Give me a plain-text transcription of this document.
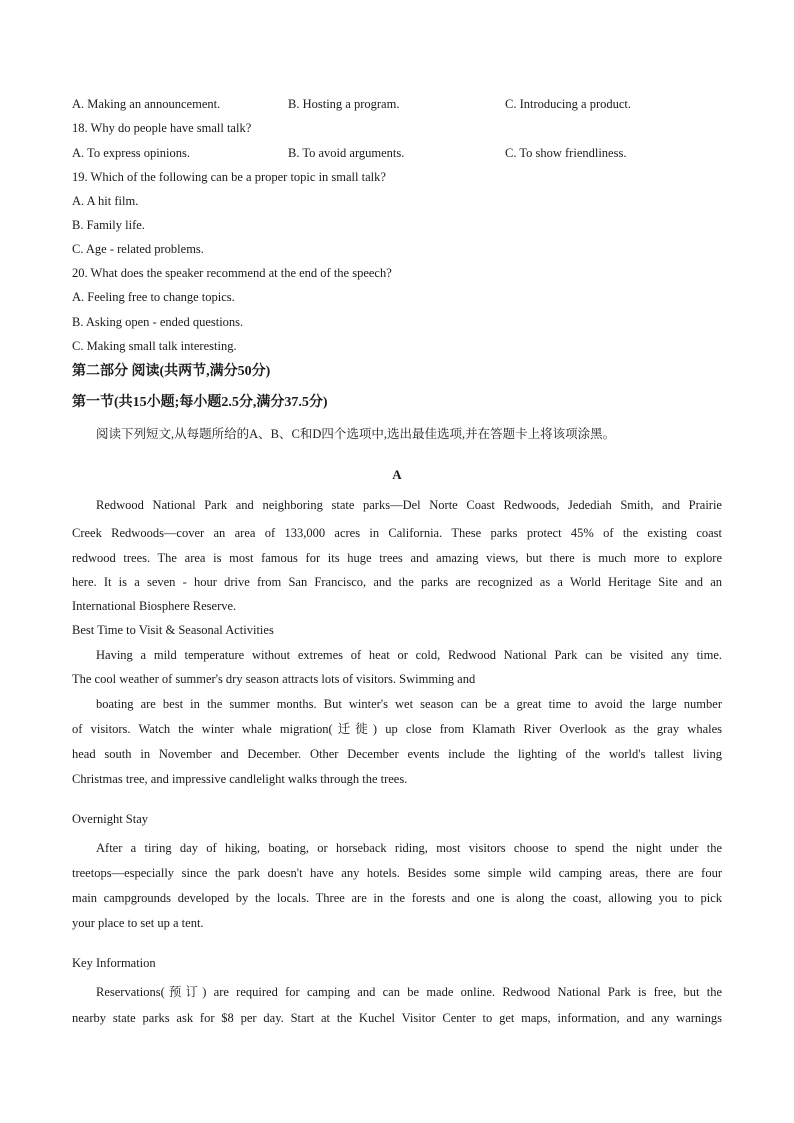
A. Making an announcement.	B. Hosting a program.	C. Introducing a product.
18. Why do people have small talk?
A. To express opinions.	B. To avoid arguments.	C. To show friendliness.
19. Which of the following can be a proper topic in small talk?
A. A hit film.
B. Family life.
C. Age - related problems.
20. What does the speaker recommend at the end of the speech?
A. Feeling free to change topics.
B. Asking open - ended questions.
C. Making small talk interesting.
第二部分 阅读(共两节,满分50分)
第一节(共15小题;每小题2.5分,满分37.5分)
阅读下列短文,从每题所给的A、B、C和D四个选项中,选出最佳选项,并在答题卡上将该项涂黑。
A
Redwood National Park and neighboring state parks—Del Norte Coast Redwoods, Jedediah Smith, and Prairie
Creek Redwoods—cover an area of 133,000 acres in California. These parks protect 45% of the existing coast
redwood trees. The area is most famous for its huge trees and amazing views, but there is much more to explore
here. It is a seven - hour drive from San Francisco, and the parks are recognized as a World Heritage Site and an
International Biosphere Reserve.
Best Time to Visit & Seasonal Activities
Having a mild temperature without extremes of heat or cold, Redwood National Park can be visited any time.
The cool weather of summer's dry season attracts lots of visitors. Swimming and
boating are best in the summer months. But winter's wet season can be a great time to avoid the large number
of visitors. Watch the winter whale migration(迁徙) up close from Klamath River Overlook as the gray whales
head south in November and December. Other December events include the lighting of the world's tallest living
Christmas tree, and impressive candlelight walks through the trees.
Overnight Stay
After a tiring day of hiking, boating, or horseback riding, most visitors choose to spend the night under the
treetops—especially since the park doesn't have any hotels. Besides some simple wild camping areas, there are four
main campgrounds developed by the locals. Three are in the forests and one is along the coast, allowing you to pick
your place to set up a tent.
Key Information
Reservations(预订) are required for camping and can be made online. Redwood National Park is free, but the
nearby state parks ask for $8 per day. Start at the Kuchel Visitor Center to get maps, information, and any warnings
